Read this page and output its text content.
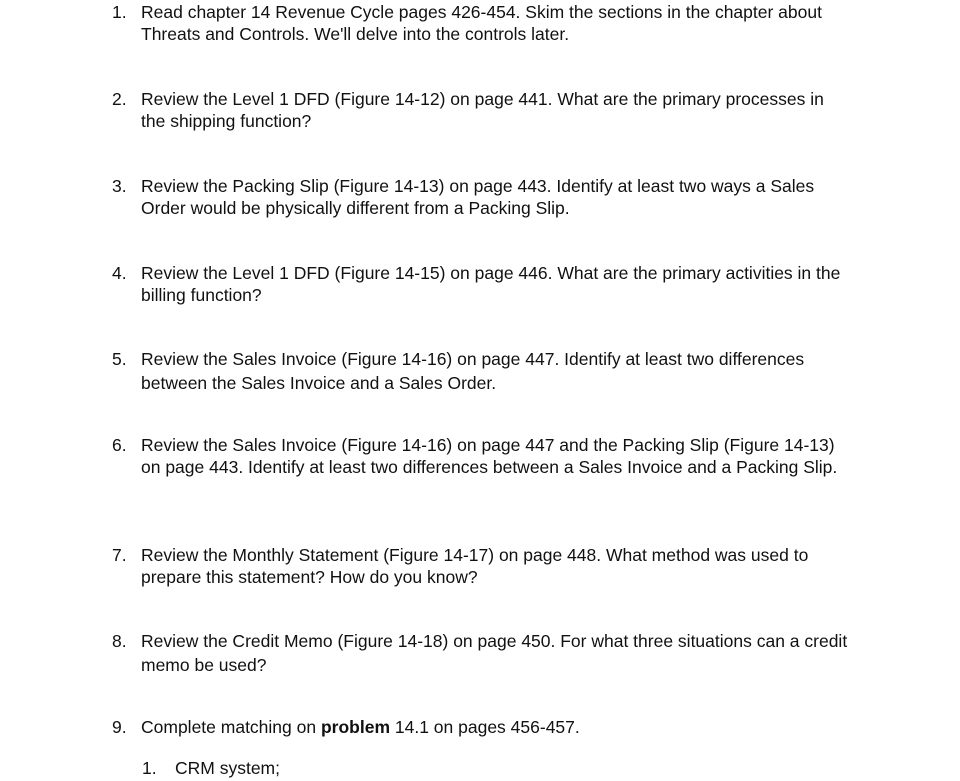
1. Read chapter 14 Revenue Cycle pages 426-454. Skim the sections in the chapter about Threats and Controls. We'll delve into the controls later.
2. Review the Level 1 DFD (Figure 14-12) on page 441. What are the primary processes in the shipping function?
3. Review the Packing Slip (Figure 14-13) on page 443. Identify at least two ways a Sales Order would be physically different from a Packing Slip.
4. Review the Level 1 DFD (Figure 14-15) on page 446. What are the primary activities in the billing function?
5. Review the Sales Invoice (Figure 14-16) on page 447. Identify at least two differences between the Sales Invoice and a Sales Order.
6. Review the Sales Invoice (Figure 14-16) on page 447 and the Packing Slip (Figure 14-13) on page 443. Identify at least two differences between a Sales Invoice and a Packing Slip.
7. Review the Monthly Statement (Figure 14-17) on page 448. What method was used to prepare this statement? How do you know?
8. Review the Credit Memo (Figure 14-18) on page 450. For what three situations can a credit memo be used?
9. Complete matching on problem 14.1 on pages 456-457.
1.	CRM system;
